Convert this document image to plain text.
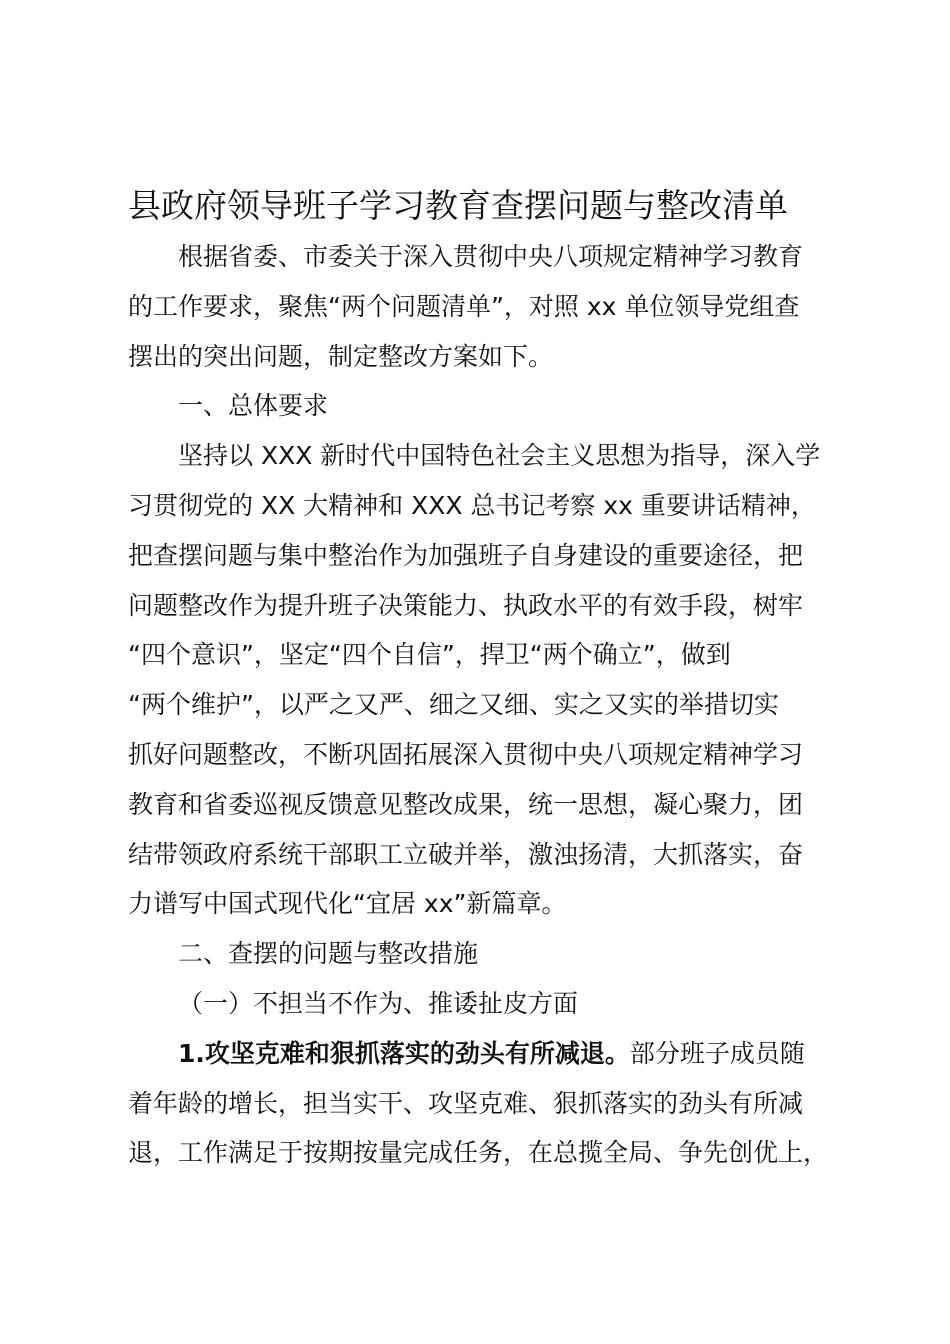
县政府领导班子学习教育查摆问题与整改清单
根据省委、市委关于深入贯彻中央八项规定精神学习教育
的工作要求，聚焦“两个问题清单”，对照 xx 单位领导党组查
摆出的突出问题，制定整改方案如下。
一、总体要求
坚持以 XXX 新时代中国特色社会主义思想为指导，深入学
习贯彻党的 XX 大精神和 XXX 总书记考察 xx 重要讲话精神，
把查摆问题与集中整治作为加强班子自身建设的重要途径，把
问题整改作为提升班子决策能力、执政水平的有效手段，树牢
“四个意识”，坚定“四个自信”，捍卫“两个确立”，做到
“两个维护”，以严之又严、细之又细、实之又实的举措切实
抓好问题整改，不断巩固拓展深入贯彻中央八项规定精神学习
教育和省委巡视反馈意见整改成果，统一思想，凝心聚力，团
结带领政府系统干部职工立破并举，激浊扬清，大抓落实，奋
力谱写中国式现代化“宜居 xx”新篇章。
二、查摆的问题与整改措施
（一）不担当不作为、推诿扯皮方面
1.攻坚克难和狠抓落实的劲头有所减退。部分班子成员随
着年龄的增长，担当实干、攻坚克难、狠抓落实的劲头有所减
退，工作满足于按期按量完成任务，在总揽全局、争先创优上，
